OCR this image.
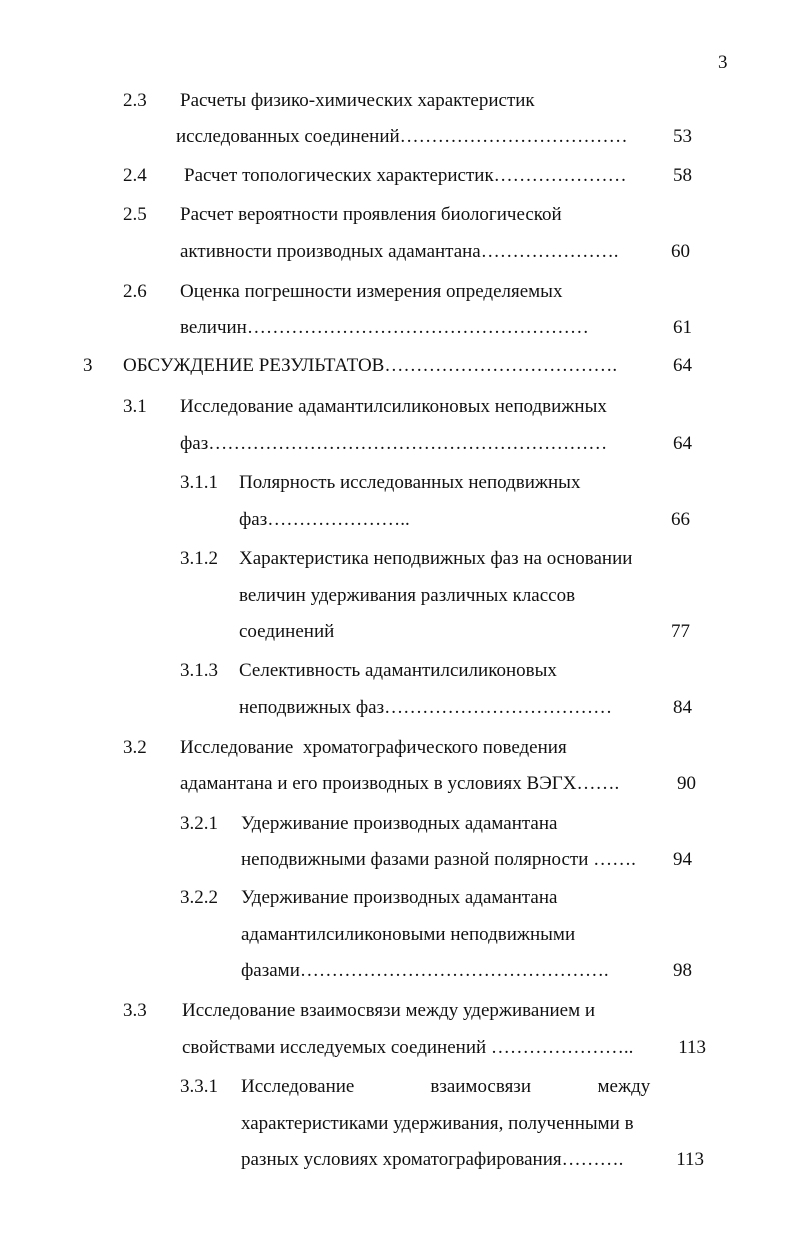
3
2.3 Расчеты физико-химических характеристик
исследованных соединений………………………………	53
2.4 Расчет топологических характеристик…………………	58
2.5 Расчет вероятности проявления биологической
активности производных адамантана………………….	60
2.6 Оценка погрешности измерения определяемых
величин………………………………………………	61
3 ОБСУЖДЕНИЕ РЕЗУЛЬТАТОВ……………………………….	64
3.1 Исследование адамантилсиликоновых неподвижных
фаз………………………………………………………	64
3.1.1 Полярность исследованных неподвижных
фаз…………………..	66
3.1.2 Характеристика неподвижных фаз на основании
величин удерживания различных классов
соединений	77
3.1.3 Селективность адамантилсиликоновых
неподвижных фаз………………………………	84
3.2 Исследование  хроматографического поведения
адамантана и его производных в условиях ВЭГХ…….	90
3.2.1 Удерживание производных адамантана
неподвижными фазами разной полярности …….	94
3.2.2 Удерживание производных адамантана
адамантилсиликоновыми неподвижными
фазами………………………………………….	98
3.3 Исследование взаимосвязи между удерживанием и
свойствами исследуемых соединений …………………..	113
3.3.1 Исследование                взаимосвязи              между
характеристиками удерживания, полученными в
разных условиях хроматографирования……….	113
